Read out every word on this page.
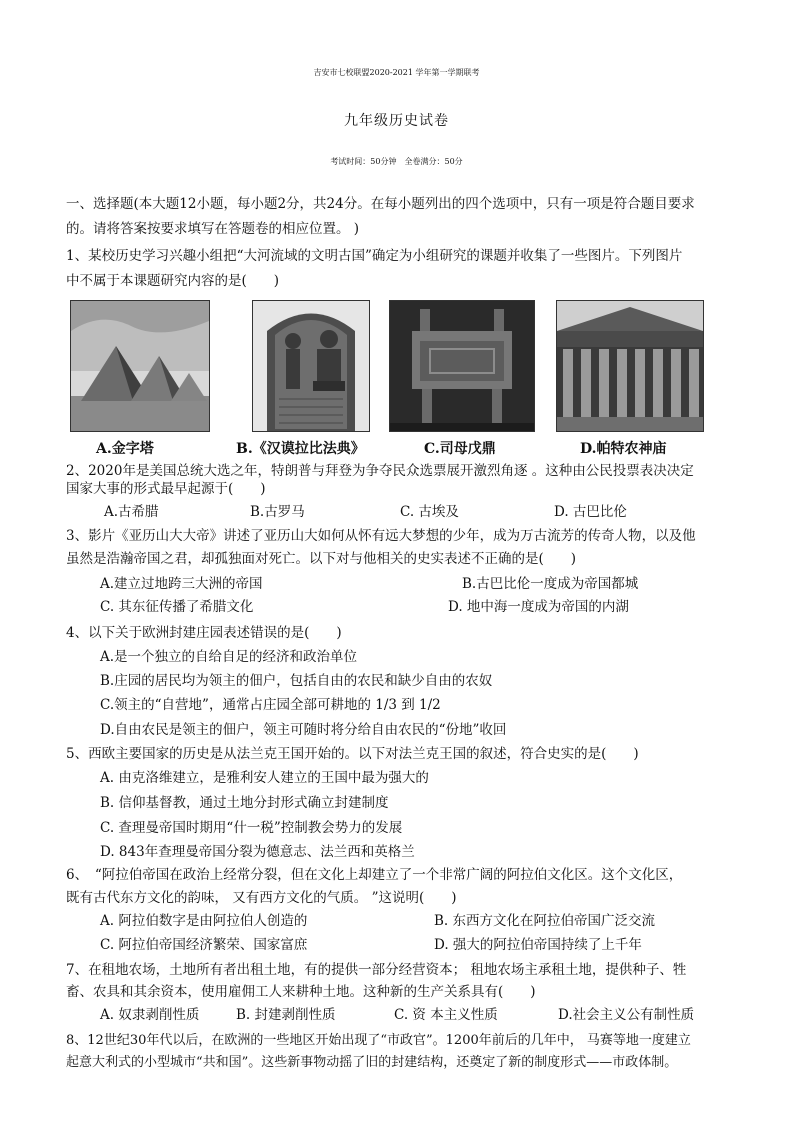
吉安市七校联盟2020-2021 学年第一学期联考
九年级历史试卷
考试时间：50分钟　全卷满分：50分
一、选择题(本大题12小题，每小题2分，共24分。在每小题列出的四个选项中，只有一项是符合题目要求
的。请将答案按要求填写在答题卷的相应位置。 )
1、某校历史学习兴趣小组把“大河流域的文明古国”确定为小组研究的课题并收集了一些图片。下列图片
中不属于本课题研究内容的是(　　)
A.金字塔	B.《汉谟拉比法典》	C.司母戊鼎	D.帕特农神庙
2、2020年是美国总统大选之年，特朗普与拜登为争夺民众选票展开激烈角逐 。这种由公民投票表决决定
国家大事的形式最早起源于(　　)
A.古希腊	B.古罗马	C. 古埃及	D. 古巴比伦
3、影片《亚历山大大帝》讲述了亚历山大如何从怀有远大梦想的少年，成为万古流芳的传奇人物，以及他
虽然是浩瀚帝国之君，却孤独面对死亡。以下对与他相关的史实表述不正确的是(　　)
A.建立过地跨三大洲的帝国	B.古巴比伦一度成为帝国都城
C. 其东征传播了希腊文化	D. 地中海一度成为帝国的内湖
4、以下关于欧洲封建庄园表述错误的是(　　)
A.是一个独立的自给自足的经济和政治单位
B.庄园的居民均为领主的佃户，包括自由的农民和缺少自由的农奴
C.领主的“自营地”，通常占庄园全部可耕地的 1/3 到 1/2
D.自由农民是领主的佃户，领主可随时将分给自由农民的“份地”收回
5、西欧主要国家的历史是从法兰克王国开始的。以下对法兰克王国的叙述，符合史实的是(　　)
A. 由克洛维建立，是雅利安人建立的王国中最为强大的
B. 信仰基督教，通过土地分封形式确立封建制度
C. 查理曼帝国时期用“什一税”控制教会势力的发展
D. 843年查理曼帝国分裂为德意志、法兰西和英格兰
6、　“阿拉伯帝国在政治上经常分裂，但在文化上却建立了一个非常广阔的阿拉伯文化区。这个文化区，
既有古代东方文化的韵味， 又有西方文化的气质。 ”这说明(　　)
A. 阿拉伯数字是由阿拉伯人创造的	B. 东西方文化在阿拉伯帝国广泛交流
C. 阿拉伯帝国经济繁荣、国家富庶	D. 强大的阿拉伯帝国持续了上千年
7、在租地农场，土地所有者出租土地，有的提供一部分经营资本； 租地农场主承租土地，提供种子、牲
畜、农具和其余资本，使用雇佣工人来耕种土地。这种新的生产关系具有(　　)
A. 奴隶剥削性质	B. 封建剥削性质	C. 资 本主义性质	D.社会主义公有制性质
8、12世纪30年代以后，在欧洲的一些地区开始出现了“市政官”。1200年前后的几年中， 马赛等地一度建立
起意大利式的小型城市“共和国”。这些新事物动摇了旧的封建结构，还奠定了新的制度形式——市政体制。
